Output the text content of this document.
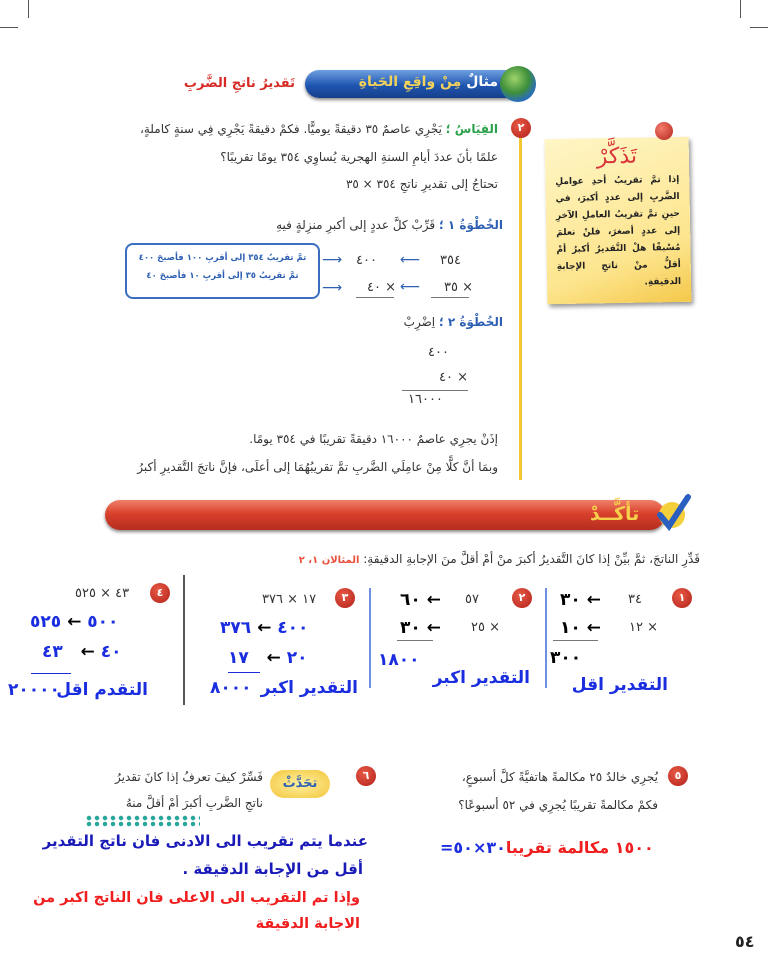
مثالٌ مِنْ واقِعِ الحَياةِ
تَقديرُ ناتجِ الضَّربِ
٢
القِيَاسُ ؛ يَجْرِي عاصمٌ ٣٥ دقيقةً يوميًّا. فكمْ دقيقةً يَجْرِي فِي سنةٍ كاملةٍ،
علمًا بأنَ عددَ أيامِ السنةِ الهجرية يُساوِي ٣٥٤ يومًا تقريبًا؟
تحتاجُ إلى تقديرِ ناتجِ ٣٥٤ × ٣٥
الخُطْوَةُ ١ ؛ قَرِّبْ كلَّ عددٍ إلى أكبرِ منزِلةٍ فيهِ
تمَّ تقريبُ ٣٥٤ إلى أقربِ ١٠٠ فأصبحَ ٤٠٠
تمَّ تقريبُ ٣٥ إلى أقربِ ١٠ فأصبحَ ٤٠
⟶
⟶
٤٠٠ ⟵ ٣٥٤
× ٤٠ ⟵ × ٣٥
الخُطْوَةُ ٢ ؛ اِضْرِبْ
٤٠٠
× ٤٠
١٦٠٠٠
إذَنْ يجرِي عاصمٌ ١٦٠٠٠ دقيقةً تقريبًا في ٣٥٤ يومًا.
وبمَا أنَّ كلًّا مِنْ عامِلَي الضَّربِ تمَّ تقريبُهُمَا إلى أعلَى، فإنَّ ناتجَ التَّقديرِ أكبرُ
تَذَكَّرْ

إذا تمَّ تقريبُ أحدِ عواملِ الضَّربِ إلى عددٍ أكبرَ، في حينِ تمَّ تقريبُ العاملِ الآخرِ إلى عددٍ أصغرَ، فلنْ نعلمَ مُسْبقًا هلْ التَّقديرُ أكبرُ أمْ أقلُّ منْ ناتجِ الإجابةِ الدقيقةِ.

تأكَّــدْ
قَدِّرِ الناتجَ، ثمَّ بيِّنْ إذا كانَ التَّقديرُ أكبرَ منْ أمْ أقلَّ منَ الإجابةِ الدقيقةِ: المثالان ١، ٢
١
٣٤
× ١٢
٣٠ ←
١٠ ←
٣٠٠
التقدير اقل
٢
٥٧
× ٢٥
٦٠ ←
٣٠ ←
١٨٠٠
التقدير اكبر
٣
١٧ × ٣٧٦
٤٠٠ ← ٣٧٦
٢٠ ←   ١٧
٨٠٠٠ التقدير اكبر
٤
٤٣ × ٥٢٥
٥٠٠ ← ٥٢٥
٤٠ ←   ٤٣
٢٠٠٠٠
التقدم اقل
٥
يُجرِي خالدٌ ٢٥ مكالمةً هاتفيَّةً كلَّ أسبوعٍ،
فكمْ مكالمةً تقريبًا يُجرِي في ٥٢ أسبوعًا؟
١٥٠٠ مكالمة تقريبا٣٠×٥٠=
٦
تحَدَّثْ
فَسِّرْ كيفَ تعرفُ إذا كانَ تقديرُ
ناتجِ الضَّربِ أكبرَ أمْ أقلَّ منهُ
عندما يتم تقريب الى الادنى فان ناتج التقدير
أقل من الإجابة الدقيقة .
وإذا تم التقريب الى الاعلى فان الناتج اكبر من
الاجابة الدقيقة
٥٤
